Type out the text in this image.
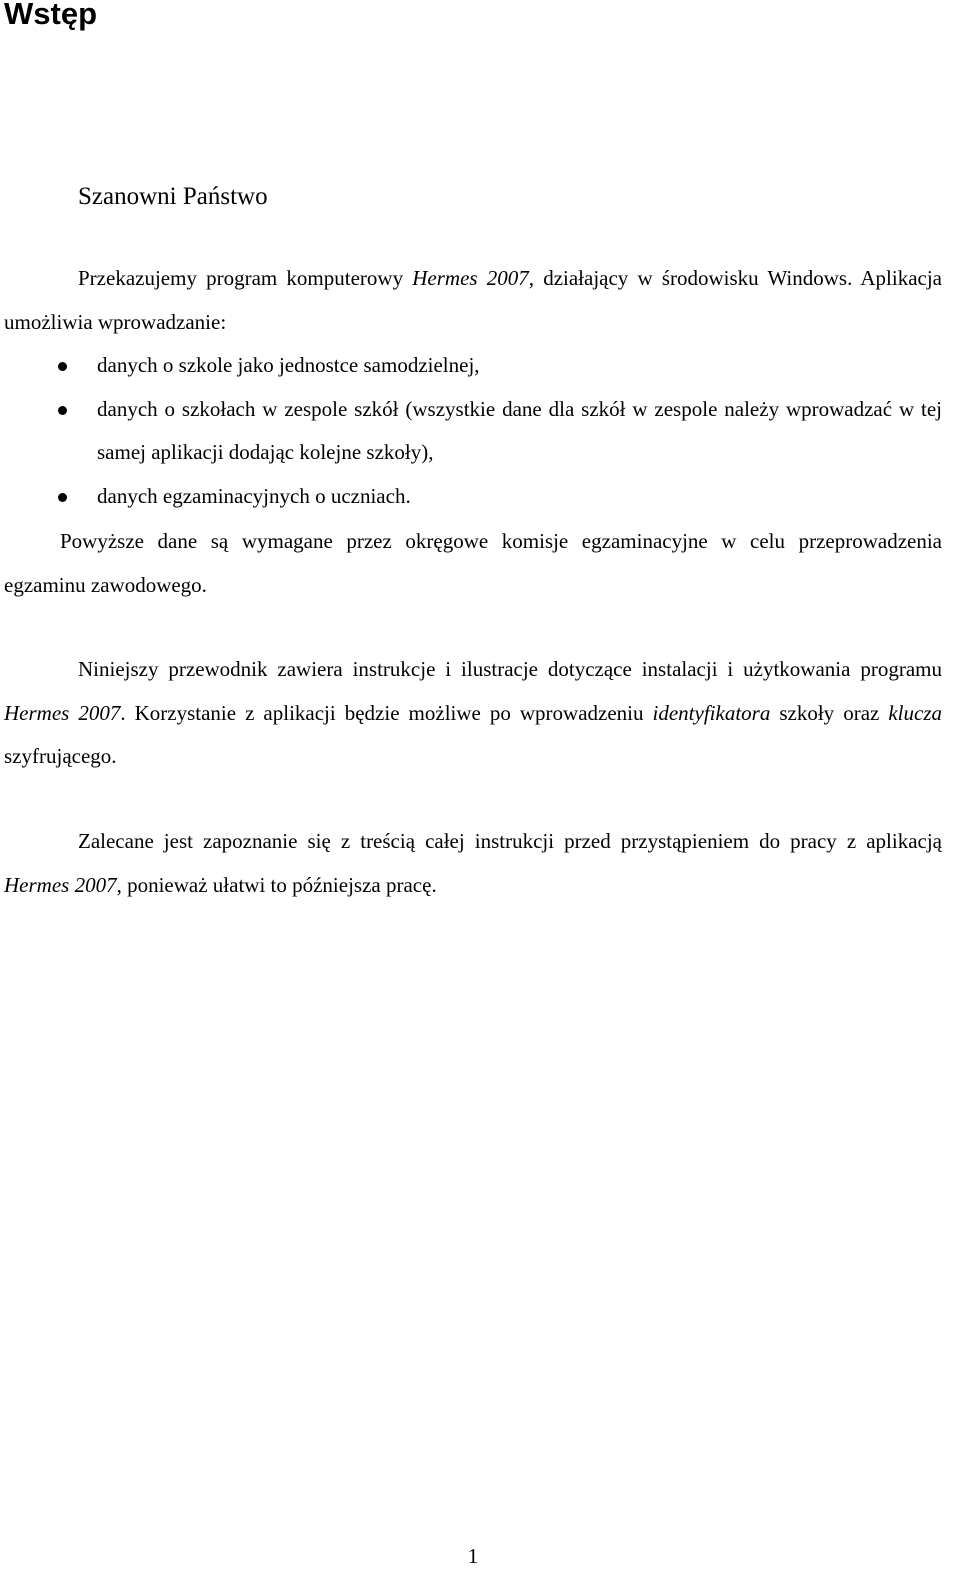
Wstęp

Szanowni Państwo

Przekazujemy program komputerowy Hermes 2007, działający w środowisku Windows. Aplikacja umożliwia wprowadzanie:

danych o szkole jako jednostce samodzielnej,
danych o szkołach w zespole szkół (wszystkie dane dla szkół w zespole należy wprowadzać w tej samej aplikacji dodając kolejne szkoły),
danych egzaminacyjnych o uczniach.

Powyższe dane są wymagane przez okręgowe komisje egzaminacyjne w celu przeprowadzenia egzaminu zawodowego.

Niniejszy przewodnik zawiera instrukcje i ilustracje dotyczące instalacji i użytkowania programu Hermes 2007. Korzystanie z aplikacji będzie możliwe po wprowadzeniu identyfikatora szkoły oraz klucza szyfrującego.

Zalecane jest zapoznanie się z treścią całej instrukcji przed przystąpieniem do pracy z aplikacją Hermes 2007, ponieważ ułatwi to późniejsza pracę.

1
